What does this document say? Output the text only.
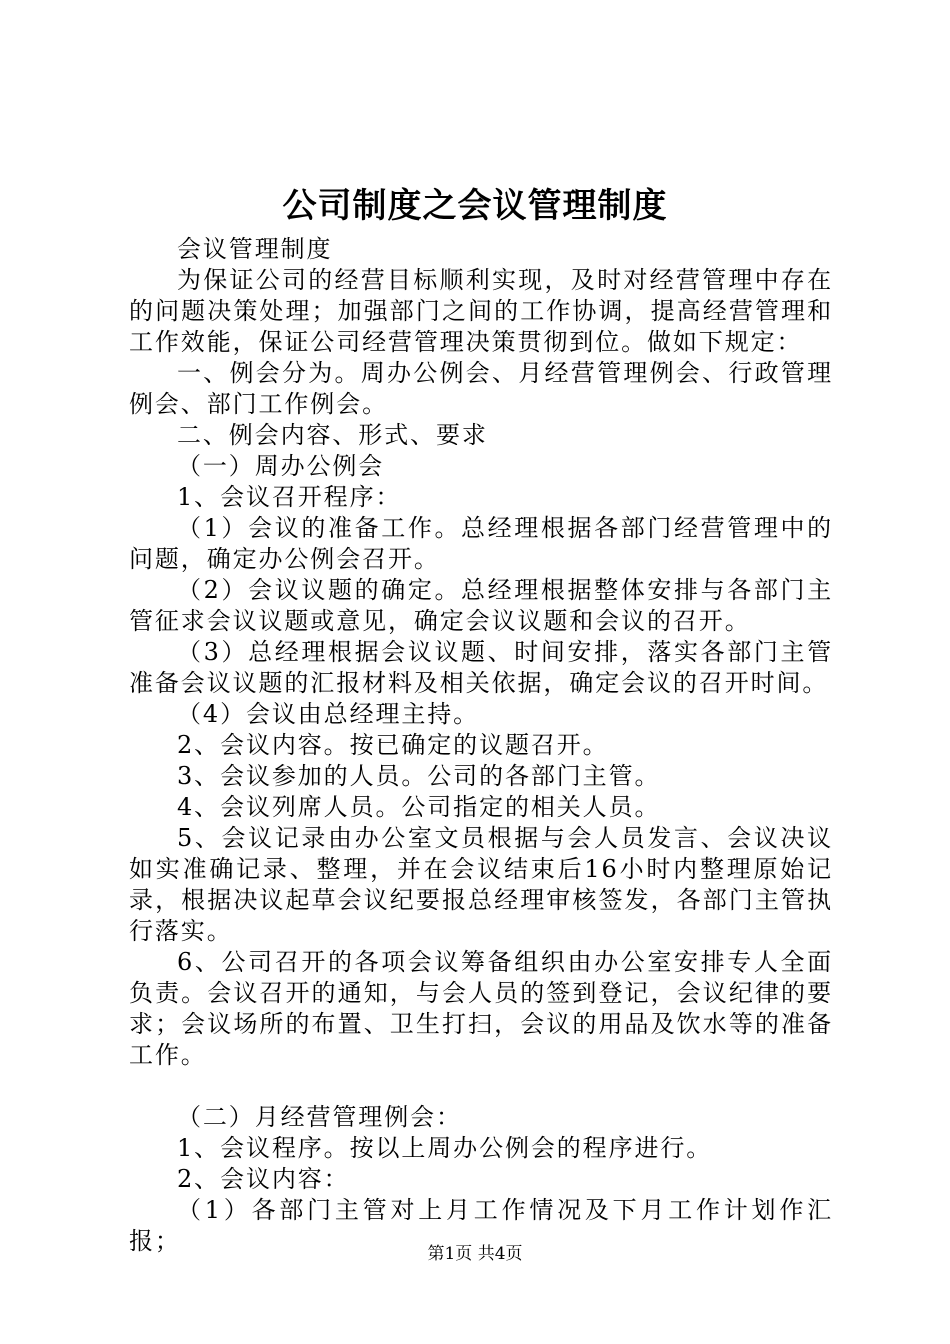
公司制度之会议管理制度

会议管理制度

为保证公司的经营目标顺利实现，及时对经营管理中存在的问题决策处理；加强部门之间的工作协调，提高经营管理和工作效能，保证公司经营管理决策贯彻到位。做如下规定：

一、例会分为。周办公例会、月经营管理例会、行政管理例会、部门工作例会。

二、例会内容、形式、要求

（一）周办公例会

1、会议召开程序：

（1）会议的准备工作。总经理根据各部门经营管理中的问题，确定办公例会召开。

（2）会议议题的确定。总经理根据整体安排与各部门主管征求会议议题或意见，确定会议议题和会议的召开。

（3）总经理根据会议议题、时间安排，落实各部门主管准备会议议题的汇报材料及相关依据，确定会议的召开时间。

（4）会议由总经理主持。

2、会议内容。按已确定的议题召开。

3、会议参加的人员。公司的各部门主管。

4、会议列席人员。公司指定的相关人员。

5、会议记录由办公室文员根据与会人员发言、会议决议如实准确记录、整理，并在会议结束后16小时内整理原始记录，根据决议起草会议纪要报总经理审核签发，各部门主管执行落实。

6、公司召开的各项会议筹备组织由办公室安排专人全面负责。会议召开的通知，与会人员的签到登记，会议纪律的要求；会议场所的布置、卫生打扫，会议的用品及饮水等的准备工作。

（二）月经营管理例会：

1、会议程序。按以上周办公例会的程序进行。

2、会议内容：

（1）各部门主管对上月工作情况及下月工作计划作汇报；	第1页 共4页
